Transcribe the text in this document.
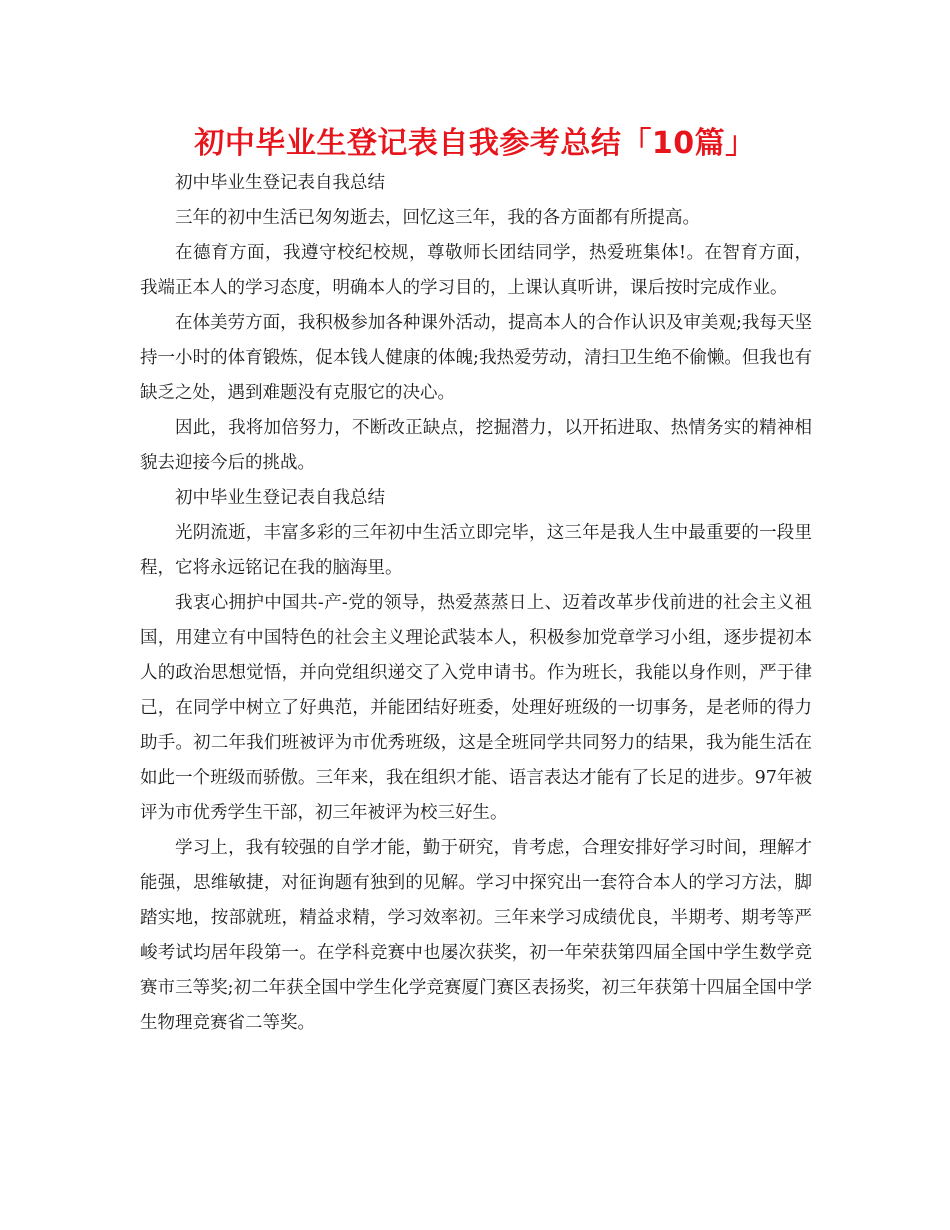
初中毕业生登记表自我参考总结「10篇」

初中毕业生登记表自我总结

三年的初中生活已匆匆逝去，回忆这三年，我的各方面都有所提高。

在德育方面，我遵守校纪校规，尊敬师长团结同学，热爱班集体!。在智育方面，我端正本人的学习态度，明确本人的学习目的，上课认真听讲，课后按时完成作业。

在体美劳方面，我积极参加各种课外活动，提高本人的合作认识及审美观;我每天坚持一小时的体育锻炼，促本钱人健康的体魄;我热爱劳动，清扫卫生绝不偷懒。但我也有缺乏之处，遇到难题没有克服它的决心。

因此，我将加倍努力，不断改正缺点，挖掘潜力，以开拓进取、热情务实的精神相貌去迎接今后的挑战。

初中毕业生登记表自我总结

光阴流逝，丰富多彩的三年初中生活立即完毕，这三年是我人生中最重要的一段里程，它将永远铭记在我的脑海里。

我衷心拥护中国共-产-党的领导，热爱蒸蒸日上、迈着改革步伐前进的社会主义祖国，用建立有中国特色的社会主义理论武装本人，积极参加党章学习小组，逐步提初本人的政治思想觉悟，并向党组织递交了入党申请书。作为班长，我能以身作则，严于律己，在同学中树立了好典范，并能团结好班委，处理好班级的一切事务，是老师的得力助手。初二年我们班被评为市优秀班级，这是全班同学共同努力的结果，我为能生活在如此一个班级而骄傲。三年来，我在组织才能、语言表达才能有了长足的进步。97年被评为市优秀学生干部，初三年被评为校三好生。

学习上，我有较强的自学才能，勤于研究，肯考虑，合理安排好学习时间，理解才能强，思维敏捷，对征询题有独到的见解。学习中探究出一套符合本人的学习方法，脚踏实地，按部就班，精益求精，学习效率初。三年来学习成绩优良，半期考、期考等严峻考试均居年段第一。在学科竞赛中也屡次获奖，初一年荣获第四届全国中学生数学竞赛市三等奖;初二年获全国中学生化学竞赛厦门赛区表扬奖，初三年获第十四届全国中学生物理竞赛省二等奖。
